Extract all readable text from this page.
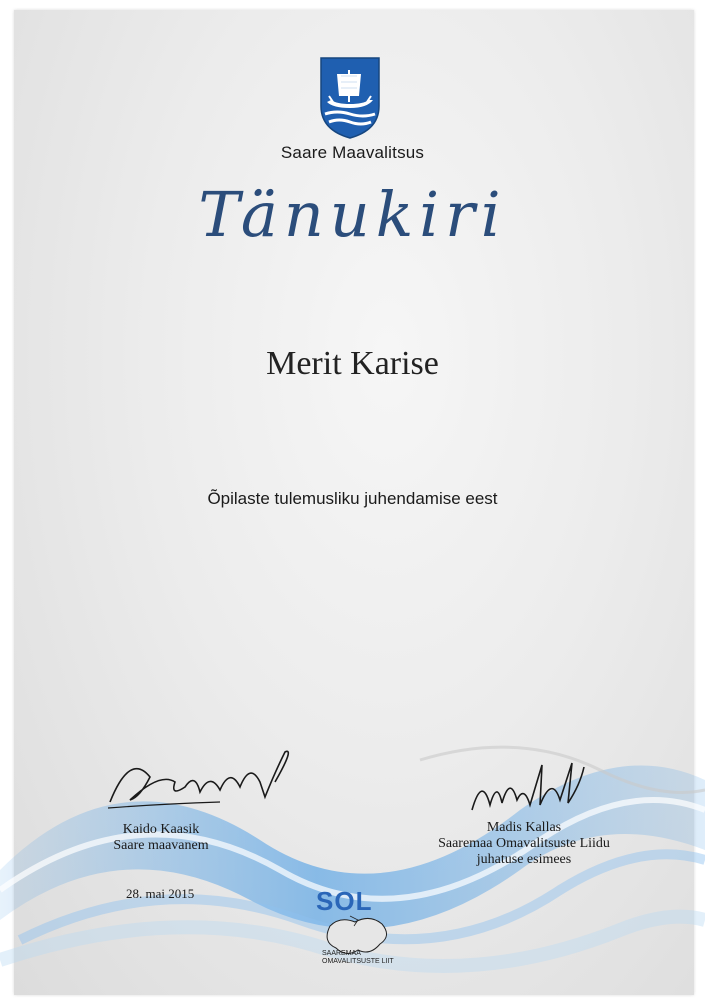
Saare Maavalitsus
Tänukiri
Merit Karise
Õpilaste tulemusliku juhendamise eest
Kaido Kaasik
Saare maavanem
Madis Kallas
Saaremaa Omavalitsuste Liidu
juhatuse esimees
28. mai 2015	SOL
SAAREMAA
OMAVALITSUSTE LIIT
